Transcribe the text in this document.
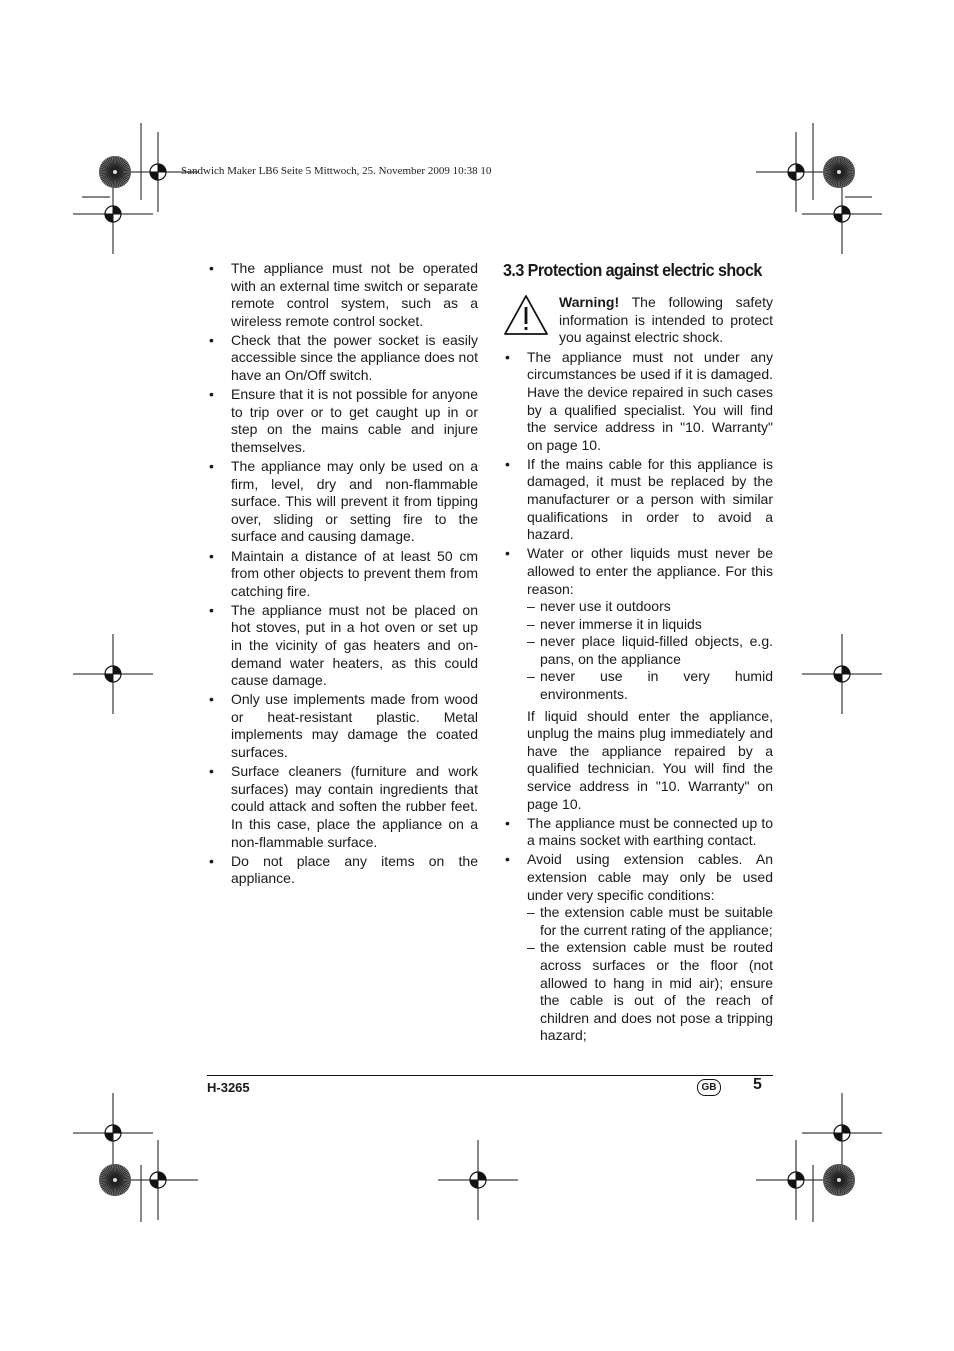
Sandwich Maker LB6 Seite 5 Mittwoch, 25. November 2009 10:38 10
• The appliance must not be operated with an external time switch or separate remote control system, such as a wireless remote control socket.
• Check that the power socket is easily accessible since the appliance does not have an On/Off switch.
• Ensure that it is not possible for anyone to trip over or to get caught up in or step on the mains cable and injure themselves.
• The appliance may only be used on a firm, level, dry and non-flammable surface. This will prevent it from tipping over, sliding or setting fire to the surface and causing damage.
• Maintain a distance of at least 50 cm from other objects to prevent them from catching fire.
• The appliance must not be placed on hot stoves, put in a hot oven or set up in the vicinity of gas heaters and on-demand water heaters, as this could cause damage.
• Only use implements made from wood or heat-resistant plastic. Metal implements may damage the coated surfaces.
• Surface cleaners (furniture and work surfaces) may contain ingredients that could attack and soften the rubber feet. In this case, place the appliance on a non-flammable surface.
• Do not place any items on the appliance.
3.3 Protection against electric shock
Warning! The following safety information is intended to protect you against electric shock.
• The appliance must not under any circumstances be used if it is damaged. Have the device repaired in such cases by a qualified specialist. You will find the service address in "10. Warranty" on page 10.
• If the mains cable for this appliance is damaged, it must be replaced by the manufacturer or a person with similar qualifications in order to avoid a hazard.
• Water or other liquids must never be allowed to enter the appliance. For this reason:
– never use it outdoors
– never immerse it in liquids
– never place liquid-filled objects, e.g. pans, on the appliance
– never use in very humid environments.

If liquid should enter the appliance, unplug the mains plug immediately and have the appliance repaired by a qualified technician. You will find the service address in "10. Warranty" on page 10.

• The appliance must be connected up to a mains socket with earthing contact.
• Avoid using extension cables. An extension cable may only be used under very specific conditions:
– the extension cable must be suitable for the current rating of the appliance;
– the extension cable must be routed across surfaces or the floor (not allowed to hang in mid air); ensure the cable is out of the reach of children and does not pose a tripping hazard;
H-3265	GB 5
